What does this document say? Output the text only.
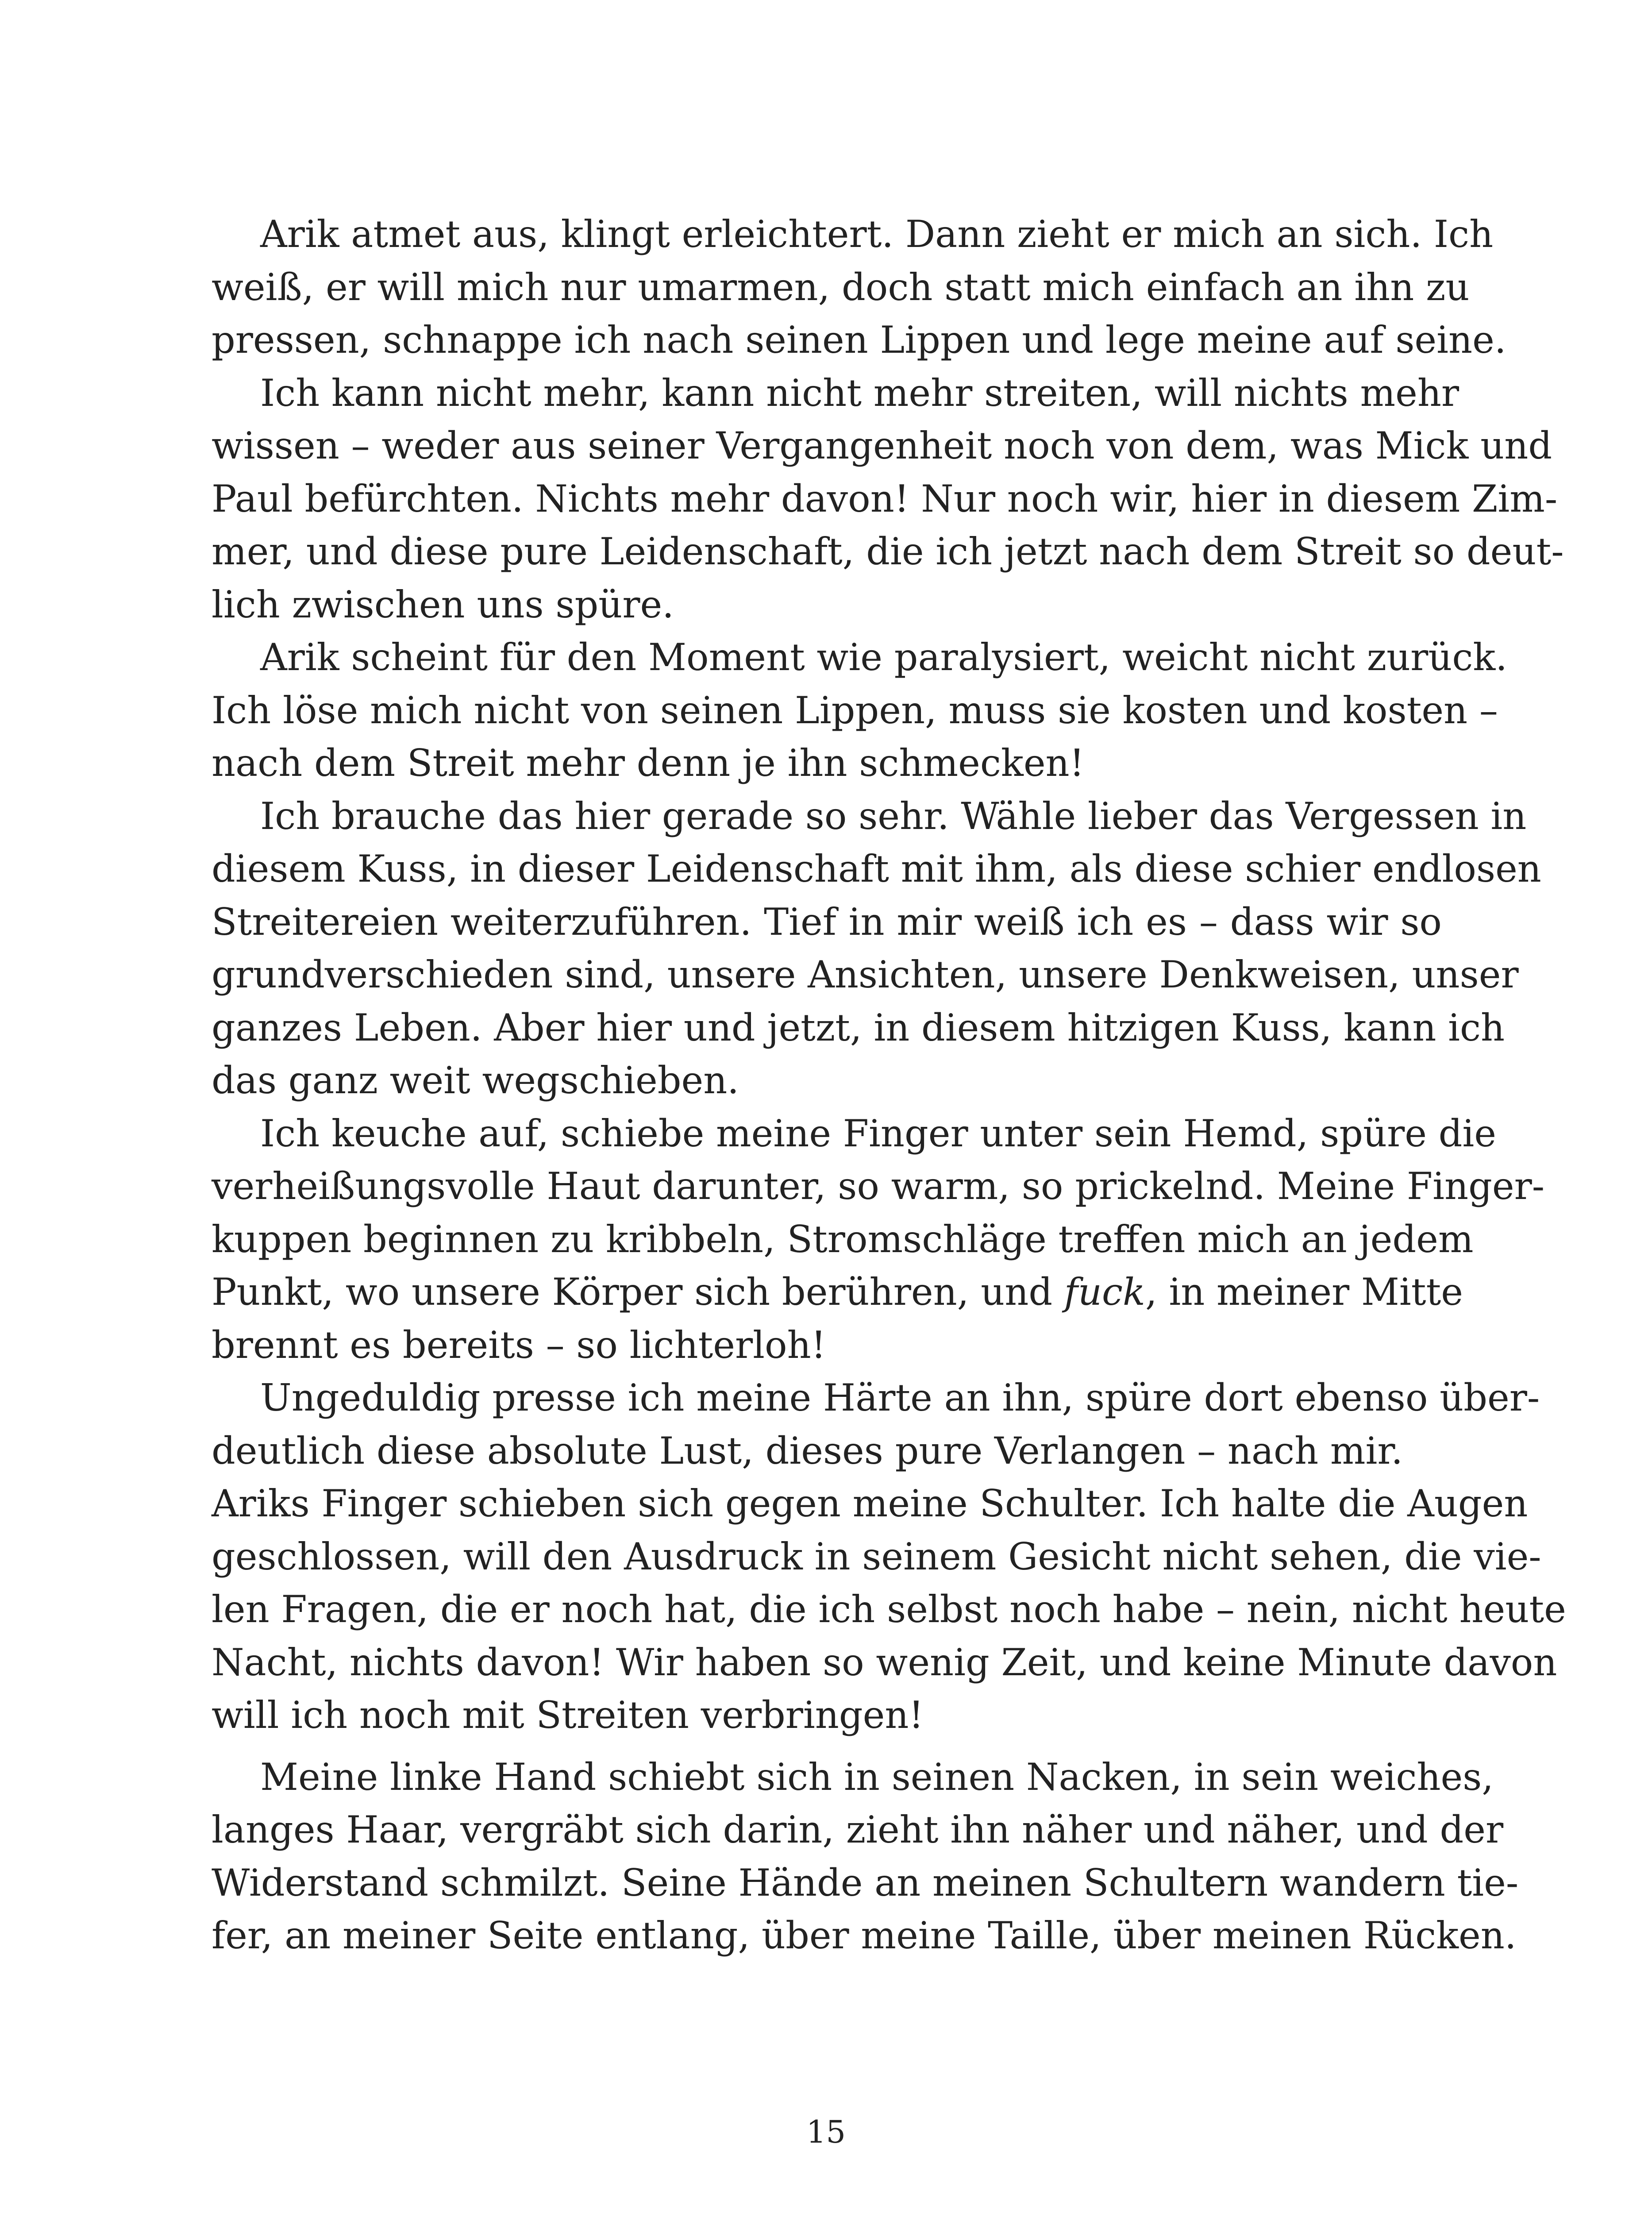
Arik atmet aus, klingt erleichtert. Dann zieht er mich an sich. Ich
weiß, er will mich nur umarmen, doch statt mich einfach an ihn zu
pressen, schnappe ich nach seinen Lippen und lege meine auf seine.
Ich kann nicht mehr, kann nicht mehr streiten, will nichts mehr
wissen – weder aus seiner Vergangenheit noch von dem, was Mick und
Paul befürchten. Nichts mehr davon! Nur noch wir, hier in diesem Zim-
mer, und diese pure Leidenschaft, die ich jetzt nach dem Streit so deut-
lich zwischen uns spüre.
Arik scheint für den Moment wie paralysiert, weicht nicht zurück.
Ich löse mich nicht von seinen Lippen, muss sie kosten und kosten –
nach dem Streit mehr denn je ihn schmecken!
Ich brauche das hier gerade so sehr. Wähle lieber das Vergessen in
diesem Kuss, in dieser Leidenschaft mit ihm, als diese schier endlosen
Streitereien weiterzuführen. Tief in mir weiß ich es – dass wir so
grundverschieden sind, unsere Ansichten, unsere Denkweisen, unser
ganzes Leben. Aber hier und jetzt, in diesem hitzigen Kuss, kann ich
das ganz weit wegschieben.
Ich keuche auf, schiebe meine Finger unter sein Hemd, spüre die
verheißungsvolle Haut darunter, so warm, so prickelnd. Meine Finger-
kuppen beginnen zu kribbeln, Stromschläge treffen mich an jedem
Punkt, wo unsere Körper sich berühren, und fuck, in meiner Mitte
brennt es bereits – so lichterloh!
Ungeduldig presse ich meine Härte an ihn, spüre dort ebenso über-
deutlich diese absolute Lust, dieses pure Verlangen – nach mir.
Ariks Finger schieben sich gegen meine Schulter. Ich halte die Augen
geschlossen, will den Ausdruck in seinem Gesicht nicht sehen, die vie-
len Fragen, die er noch hat, die ich selbst noch habe – nein, nicht heute
Nacht, nichts davon! Wir haben so wenig Zeit, und keine Minute davon
will ich noch mit Streiten verbringen!
Meine linke Hand schiebt sich in seinen Nacken, in sein weiches,
langes Haar, vergräbt sich darin, zieht ihn näher und näher, und der
Widerstand schmilzt. Seine Hände an meinen Schultern wandern tie-
fer, an meiner Seite entlang, über meine Taille, über meinen Rücken.
15
